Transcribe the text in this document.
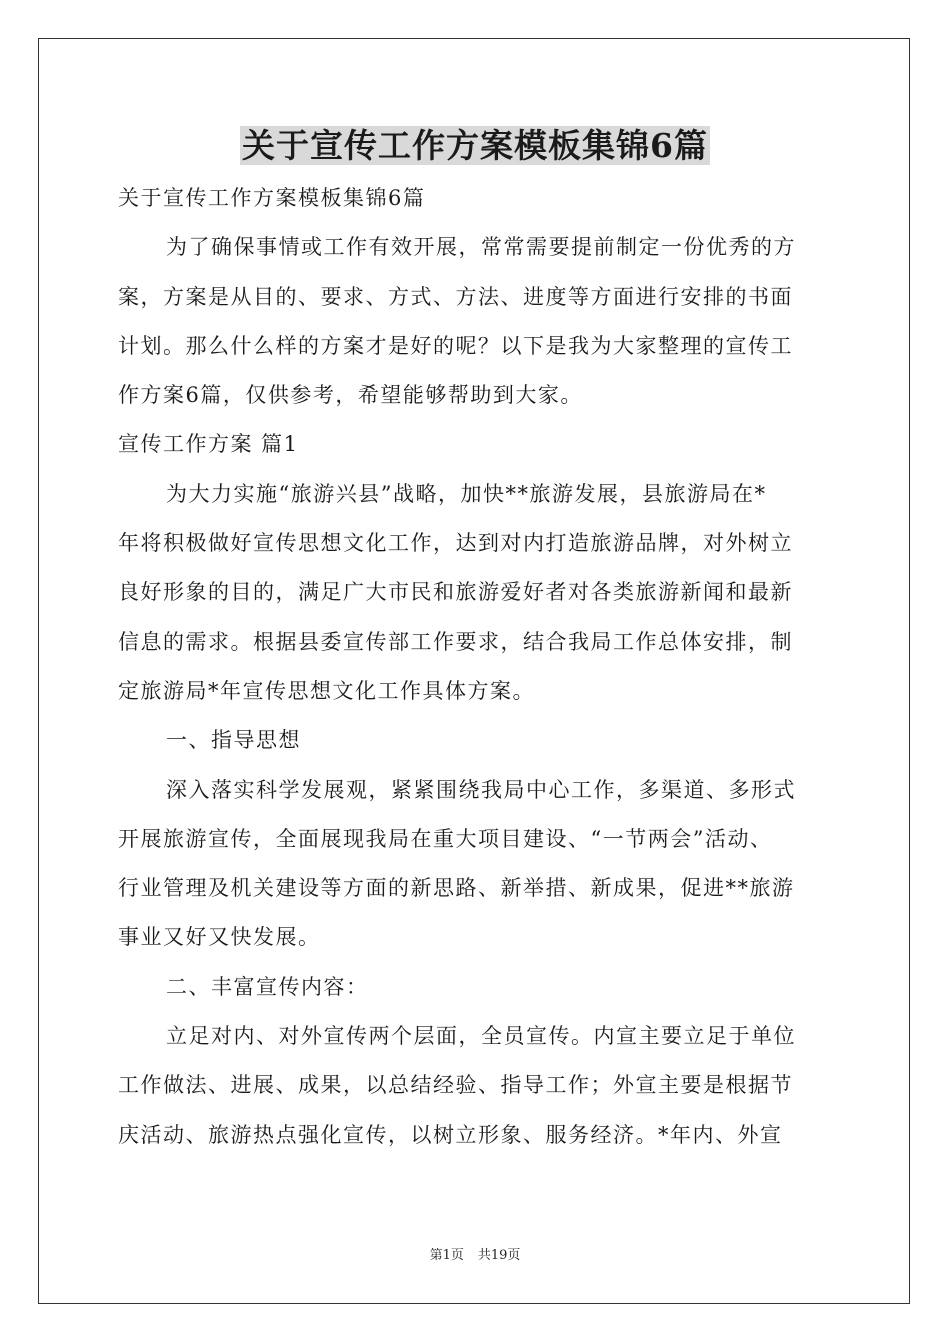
关于宣传工作方案模板集锦6篇
关于宣传工作方案模板集锦6篇
为了确保事情或工作有效开展，常常需要提前制定一份优秀的方
案，方案是从目的、要求、方式、方法、进度等方面进行安排的书面
计划。那么什么样的方案才是好的呢？以下是我为大家整理的宣传工
作方案6篇，仅供参考，希望能够帮助到大家。
宣传工作方案 篇1
为大力实施“旅游兴县”战略，加快**旅游发展，县旅游局在*
年将积极做好宣传思想文化工作，达到对内打造旅游品牌，对外树立
良好形象的目的，满足广大市民和旅游爱好者对各类旅游新闻和最新
信息的需求。根据县委宣传部工作要求，结合我局工作总体安排，制
定旅游局*年宣传思想文化工作具体方案。
一、指导思想
深入落实科学发展观，紧紧围绕我局中心工作，多渠道、多形式
开展旅游宣传，全面展现我局在重大项目建设、“一节两会”活动、
行业管理及机关建设等方面的新思路、新举措、新成果，促进**旅游
事业又好又快发展。
二、丰富宣传内容：
立足对内、对外宣传两个层面，全员宣传。内宣主要立足于单位
工作做法、进展、成果，以总结经验、指导工作；外宣主要是根据节
庆活动、旅游热点强化宣传，以树立形象、服务经济。*年内、外宣
第1页 共19页
